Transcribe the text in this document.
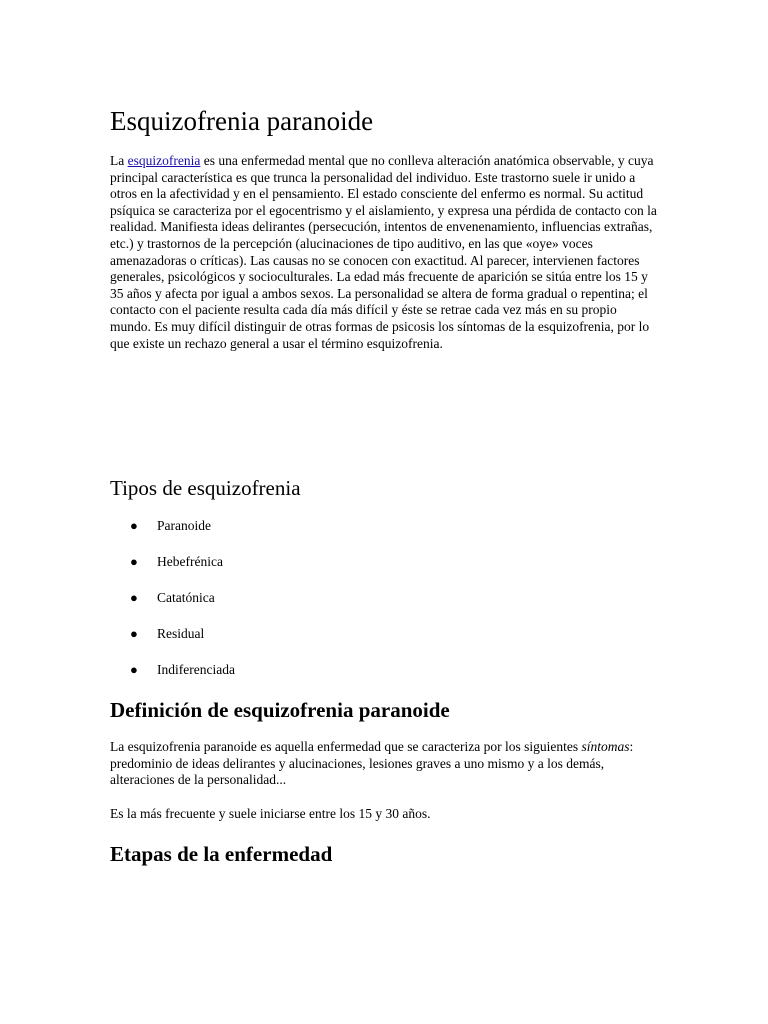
Esquizofrenia paranoide

La esquizofrenia es una enfermedad mental que no conlleva alteración anatómica observable, y cuya principal característica es que trunca la personalidad del individuo. Este trastorno suele ir unido a otros en la afectividad y en el pensamiento. El estado consciente del enfermo es normal. Su actitud psíquica se caracteriza por el egocentrismo y el aislamiento, y expresa una pérdida de contacto con la realidad. Manifiesta ideas delirantes (persecución, intentos de envenenamiento, influencias extrañas, etc.) y trastornos de la percepción (alucinaciones de tipo auditivo, en las que «oye» voces amenazadoras o críticas). Las causas no se conocen con exactitud. Al parecer, intervienen factores generales, psicológicos y socioculturales. La edad más frecuente de aparición se sitúa entre los 15 y 35 años y afecta por igual a ambos sexos. La personalidad se altera de forma gradual o repentina; el contacto con el paciente resulta cada día más difícil y éste se retrae cada vez más en su propio mundo. Es muy difícil distinguir de otras formas de psicosis los síntomas de la esquizofrenia, por lo que existe un rechazo general a usar el término esquizofrenia.

Tipos de esquizofrenia
● Paranoide
● Hebefrénica
● Catatónica
● Residual
● Indiferenciada
Definición de esquizofrenia paranoide

La esquizofrenia paranoide es aquella enfermedad que se caracteriza por los siguientes síntomas: predominio de ideas delirantes y alucinaciones, lesiones graves a uno mismo y a los demás, alteraciones de la personalidad...

Es la más frecuente y suele iniciarse entre los 15 y 30 años.

Etapas de la enfermedad
